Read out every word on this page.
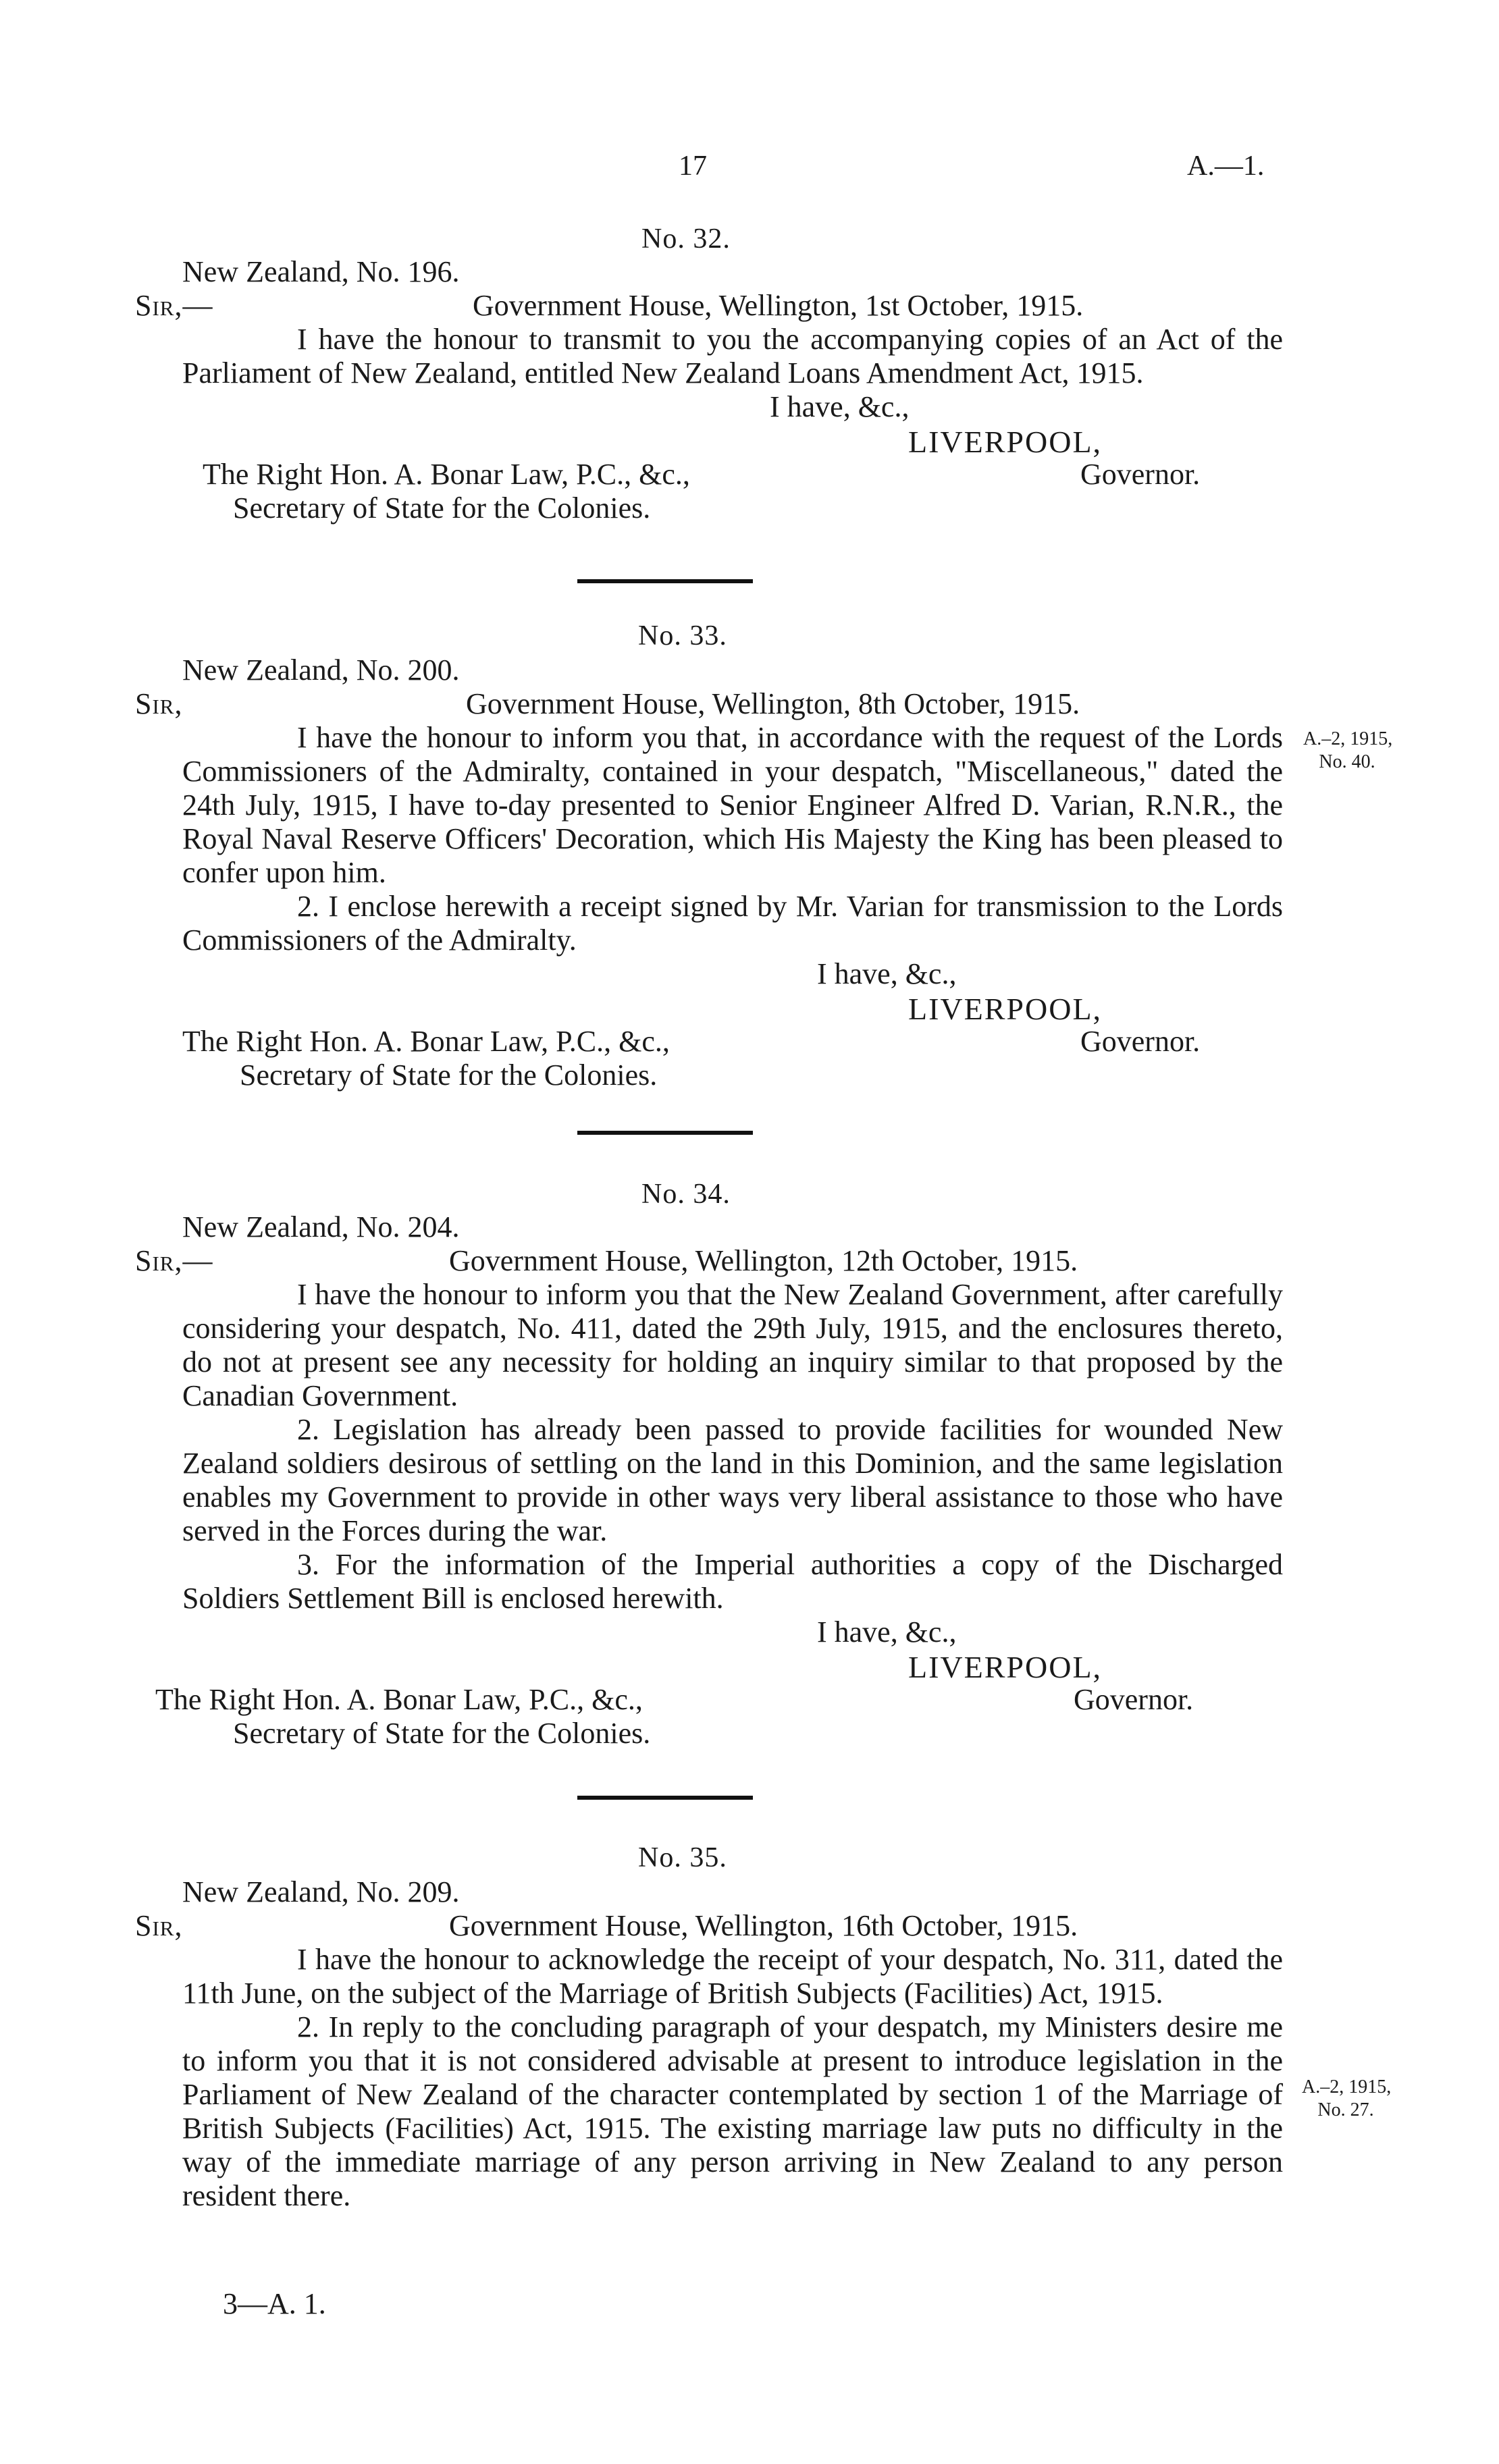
17	A.—1.
No. 32.
New Zealand, No. 196.
Sir,—	Government House, Wellington, 1st October, 1915.

I have the honour to transmit to you the accompanying copies of an Act of the Parliament of New Zealand, entitled New Zealand Loans Amendment Act, 1915.

I have, &c.,
LIVERPOOL,
The Right Hon. A. Bonar Law, P.C., &c.,	Governor.
Secretary of State for the Colonies.
No. 33.
New Zealand, No. 200.
Sir,	Government House, Wellington, 8th October, 1915.

I have the honour to inform you that, in accordance with the request of the Lords Commissioners of the Admiralty, contained in your despatch, "Miscellaneous," dated the 24th July, 1915, I have to-day presented to Senior Engineer Alfred D. Varian, R.N.R., the Royal Naval Reserve Officers' Decoration, which His Majesty the King has been pleased to confer upon him.

2. I enclose herewith a receipt signed by Mr. Varian for transmission to the Lords Commissioners of the Admiralty.

A.–2, 1915,
No. 40.
I have, &c.,
LIVERPOOL,
The Right Hon. A. Bonar Law, P.C., &c.,	Governor.
Secretary of State for the Colonies.
No. 34.
New Zealand, No. 204.
Sir,—	Government House, Wellington, 12th October, 1915.

I have the honour to inform you that the New Zealand Government, after carefully considering your despatch, No. 411, dated the 29th July, 1915, and the enclosures thereto, do not at present see any necessity for holding an inquiry similar to that proposed by the Canadian Government.

2. Legislation has already been passed to provide facilities for wounded New Zealand soldiers desirous of settling on the land in this Dominion, and the same legislation enables my Government to provide in other ways very liberal assistance to those who have served in the Forces during the war.

3. For the information of the Imperial authorities a copy of the Discharged Soldiers Settlement Bill is enclosed herewith.

I have, &c.,
LIVERPOOL,
The Right Hon. A. Bonar Law, P.C., &c.,	Governor.
Secretary of State for the Colonies.
No. 35.
New Zealand, No. 209.
Sir,	Government House, Wellington, 16th October, 1915.

I have the honour to acknowledge the receipt of your despatch, No. 311, dated the 11th June, on the subject of the Marriage of British Subjects (Facilities) Act, 1915.

2. In reply to the concluding paragraph of your despatch, my Ministers desire me to inform you that it is not considered advisable at present to introduce legislation in the Parliament of New Zealand of the character contemplated by section 1 of the Marriage of British Subjects (Facilities) Act, 1915. The existing marriage law puts no difficulty in the way of the immediate marriage of any person arriving in New Zealand to any person resident there.

A.–2, 1915,
No. 27.
3—A. 1.
